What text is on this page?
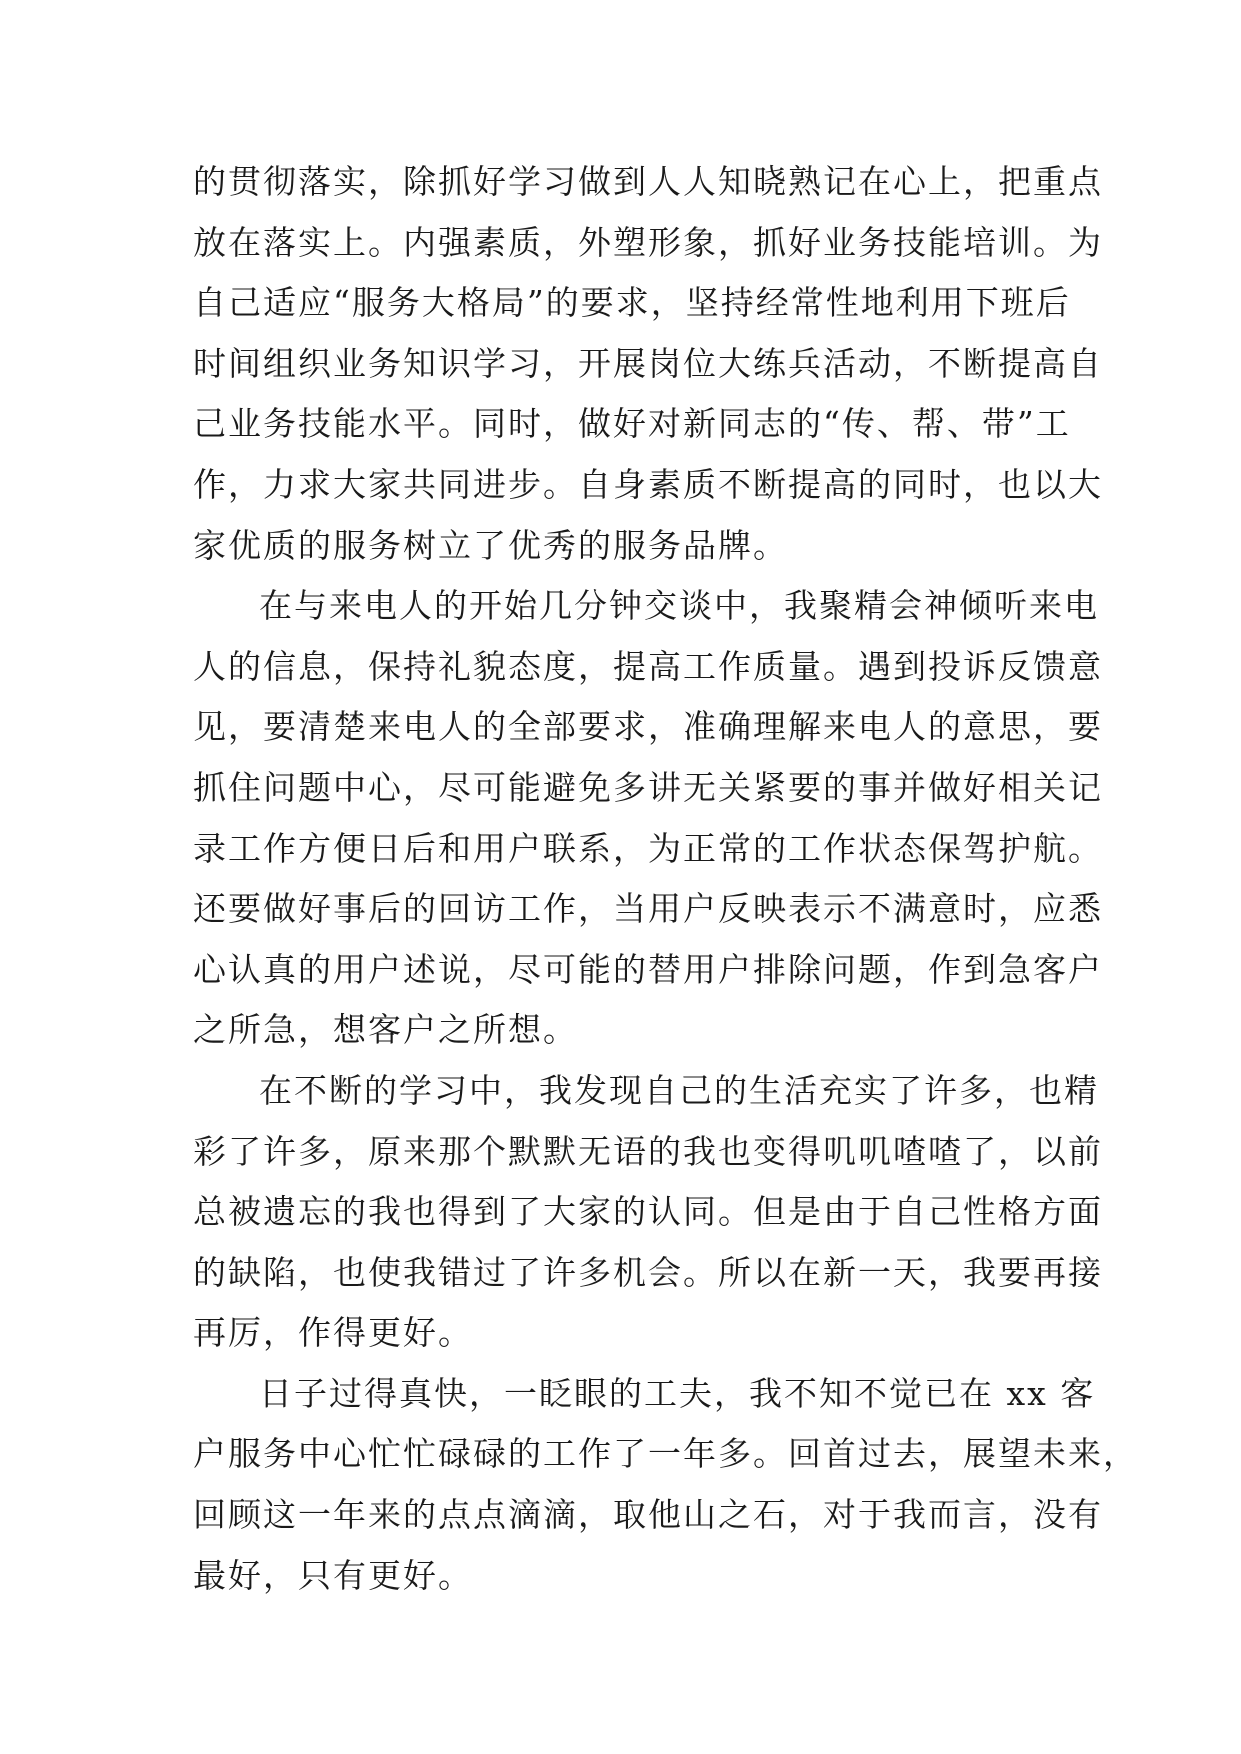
的贯彻落实，除抓好学习做到人人知晓熟记在心上，把重点
放在落实上。内强素质，外塑形象，抓好业务技能培训。为
自己适应“服务大格局”的要求，坚持经常性地利用下班后
时间组织业务知识学习，开展岗位大练兵活动，不断提高自
己业务技能水平。同时，做好对新同志的“传、帮、带”工
作，力求大家共同进步。自身素质不断提高的同时，也以大
家优质的服务树立了优秀的服务品牌。
在与来电人的开始几分钟交谈中，我聚精会神倾听来电
人的信息，保持礼貌态度，提高工作质量。遇到投诉反馈意
见，要清楚来电人的全部要求，准确理解来电人的意思，要
抓住问题中心，尽可能避免多讲无关紧要的事并做好相关记
录工作方便日后和用户联系，为正常的工作状态保驾护航。
还要做好事后的回访工作，当用户反映表示不满意时，应悉
心认真的用户述说，尽可能的替用户排除问题，作到急客户
之所急，想客户之所想。
在不断的学习中，我发现自己的生活充实了许多，也精
彩了许多，原来那个默默无语的我也变得叽叽喳喳了，以前
总被遗忘的我也得到了大家的认同。但是由于自己性格方面
的缺陷，也使我错过了许多机会。所以在新一天，我要再接
再厉，作得更好。
日子过得真快，一眨眼的工夫，我不知不觉已在 xx 客
户服务中心忙忙碌碌的工作了一年多。回首过去，展望未来，
回顾这一年来的点点滴滴，取他山之石，对于我而言，没有
最好，只有更好。
